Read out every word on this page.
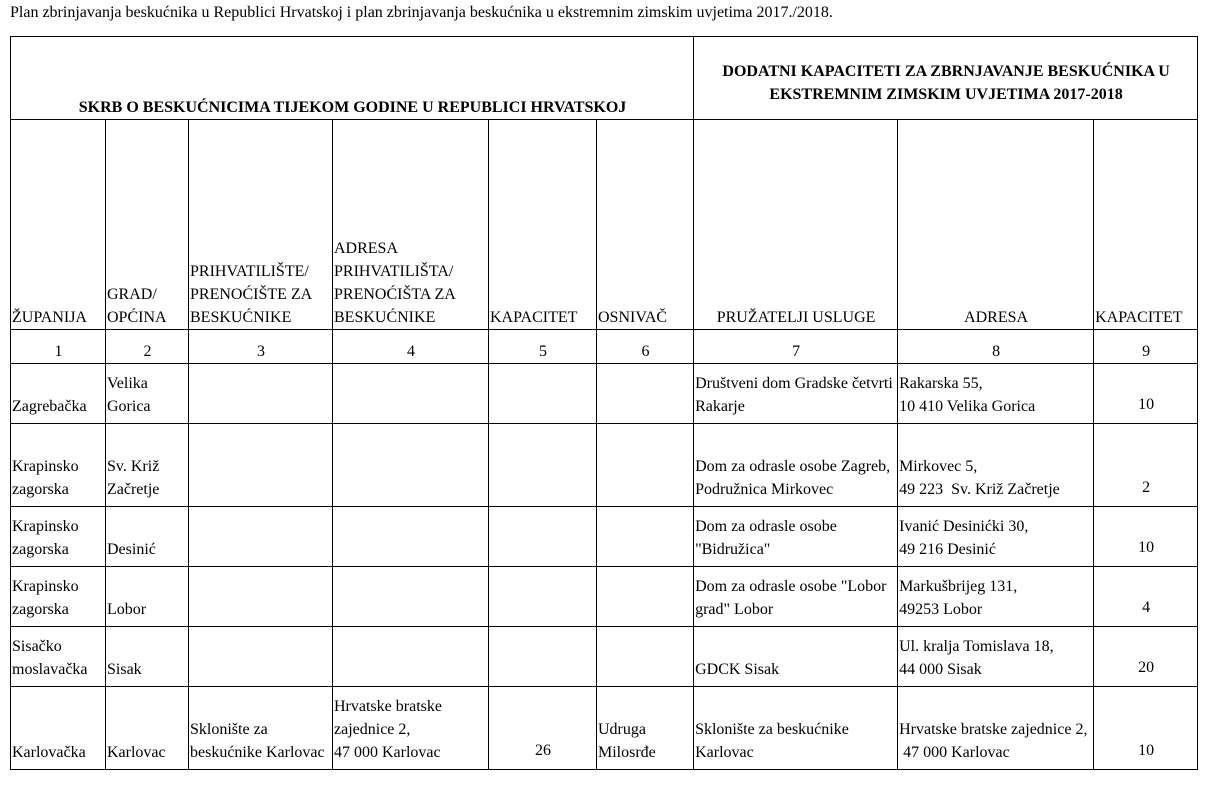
Plan zbrinjavanja beskućnika u Republici Hrvatskoj i plan zbrinjavanja beskućnika u ekstremnim zimskim uvjetima 2017./2018.
SKRB O BESKUĆNICIMA TIJEKOM GODINE U REPUBLICI HRVATSKOJ						DODATNI KAPACITETI ZA ZBRNJAVANJE BESKUĆNIKA U EKSTREMNIM ZIMSKIM UVJETIMA 2017-2018		
ŽUPANIJA	GRAD/ OPĆINA	PRIHVATILIŠTE/ PRENOĆIŠTE ZA BESKUĆNIKE	ADRESA PRIHVATILIŠTA/ PRENOĆIŠTA ZA BESKUĆNIKE	KAPACITET	OSNIVAČ	PRUŽATELJI USLUGE	ADRESA	KAPACITET
1	2	3	4	5	6	7	8	9

Zagrebačka	Velika Gorica					Društveni dom Gradske četvrti Rakarje	Rakarska 55,
10 410 Velika Gorica	10

Krapinsko zagorska	Sv. Križ Začretje					Dom za odrasle osobe Zagreb, Podružnica Mirkovec	Mirkovec 5,
49 223  Sv. Križ Začretje	2

Krapinsko zagorska	Desinić					Dom za odrasle osobe "Bidružica"	Ivanić Desinićki 30,
49 216 Desinić	10

Krapinsko zagorska	Lobor					Dom za odrasle osobe "Lobor grad" Lobor	Markušbrijeg 131,
49253 Lobor	4

Sisačko moslavačka	Sisak					GDCK Sisak	Ul. kralja Tomislava 18,
44 000 Sisak	20

Karlovačka	Karlovac	Sklonište za beskućnike Karlovac	Hrvatske bratske zajednice 2,
47 000 Karlovac	26	Udruga Milosrđe	Sklonište za beskućnike Karlovac	Hrvatske bratske zajednice 2,
47 000 Karlovac	10
